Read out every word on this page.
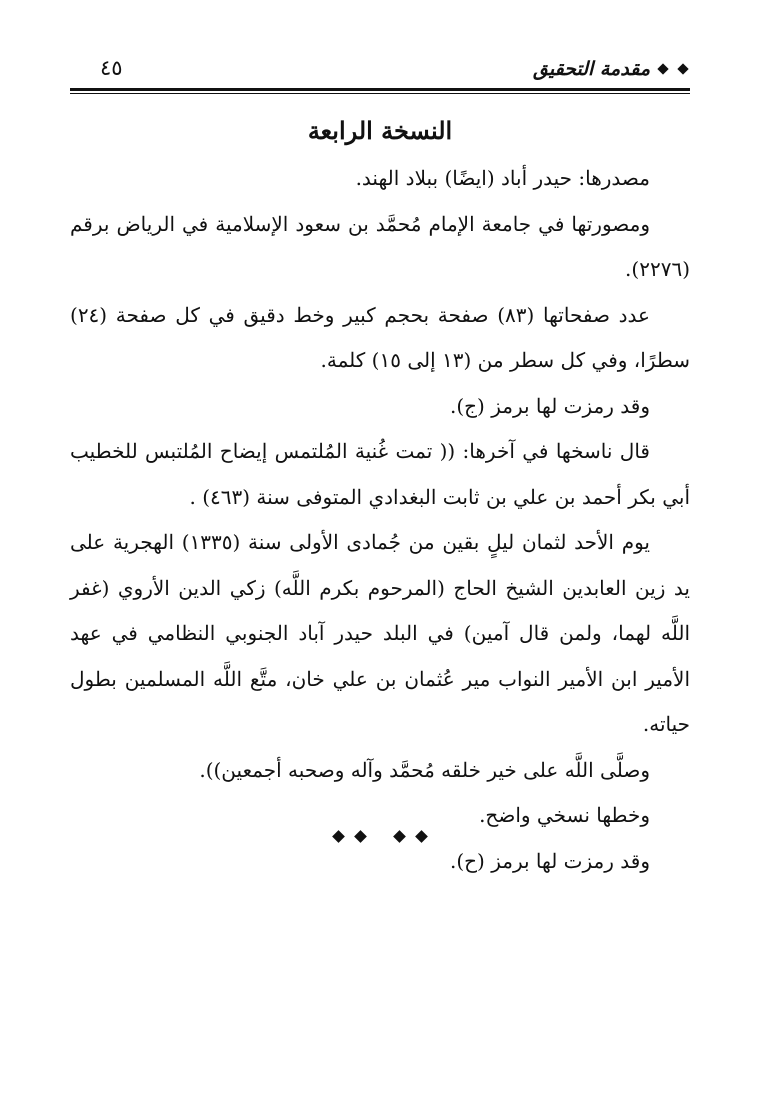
مقدمة التحقيق
٤٥
النسخة الرابعة

مصدرها: حيدر أباد (ايضًا) ببلاد الهند.

ومصورتها في جامعة الإمام مُحمَّد بن سعود الإسلامية في الرياض برقم (٢٢٧٦).

عدد صفحاتها (٨٣) صفحة بحجم كبير وخط دقيق في كل صفحة (٢٤) سطرًا، وفي كل سطر من (١٣ إلى ١٥) كلمة.

وقد رمزت لها برمز (ج).

قال ناسخها في آخرها: (( تمت غُنية المُلتمس إيضاح المُلتبس للخطيب أبي بكر أحمد بن علي بن ثابت البغدادي المتوفى سنة (٤٦٣) .

يوم الأحد لثمان ليلٍ بقين من جُمادى الأولى سنة (١٣٣٥) الهجرية على يد زين العابدين الشيخ الحاج (المرحوم بكرم اللَّه) زكي الدين الأروي (غفر اللَّه لهما، ولمن قال آمين) في البلد حيدر آباد الجنوبي النظامي في عهد الأمير ابن الأمير النواب مير عُثمان بن علي خان، متَّع اللَّه المسلمين بطول حياته.

وصلَّى اللَّه على خير خلقه مُحمَّد وآله وصحبه أجمعين)).

وخطها نسخي واضح.

وقد رمزت لها برمز (ح).
